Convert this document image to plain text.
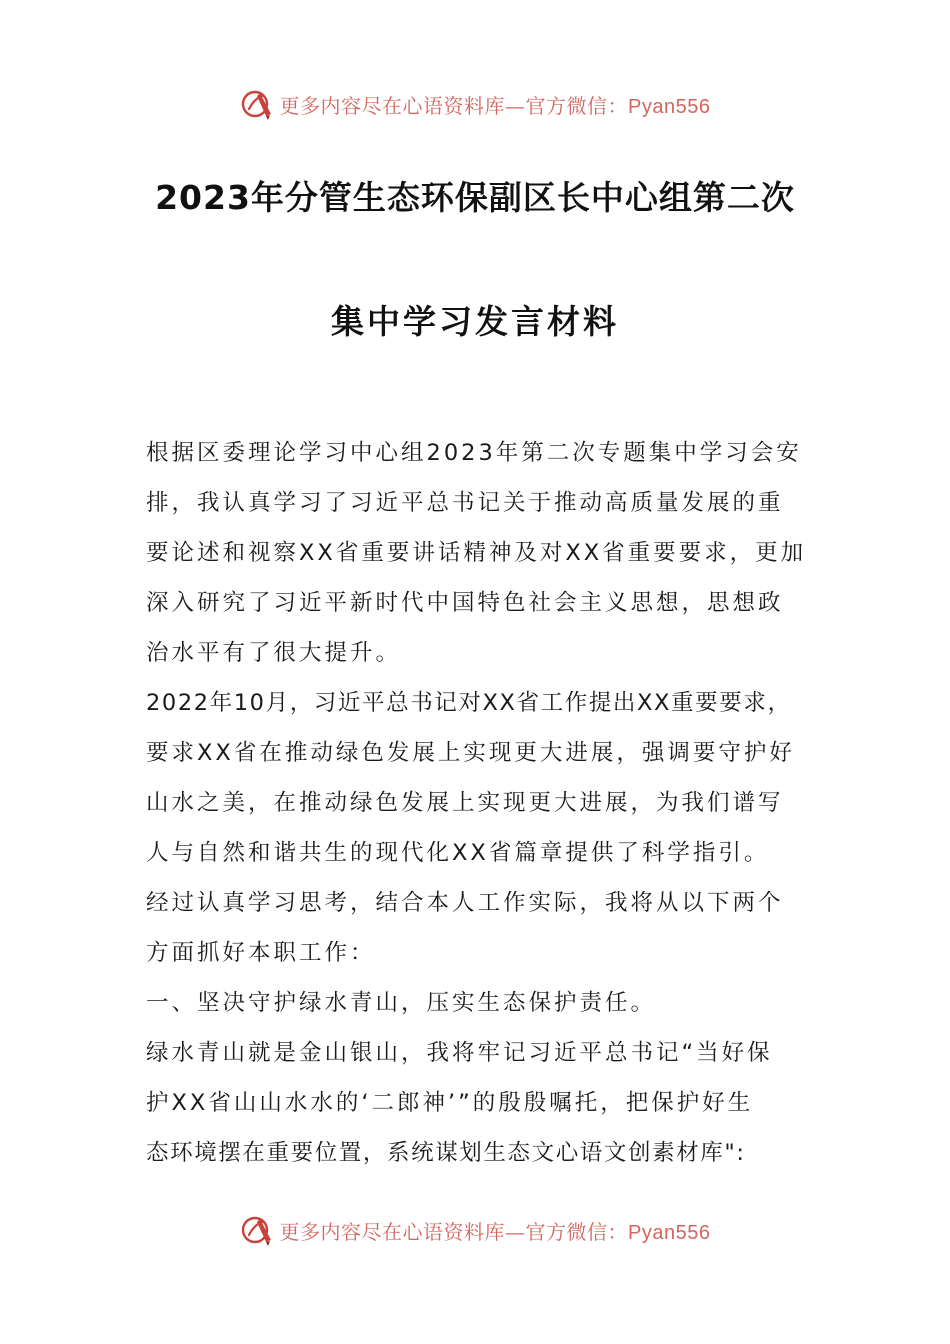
更多内容尽在心语资料库—官方微信：Pyan556
2023年分管生态环保副区长中心组第二次
集中学习发言材料
根据区委理论学习中心组2023年第二次专题集中学习会安
排，我认真学习了习近平总书记关于推动高质量发展的重
要论述和视察XX省重要讲话精神及对XX省重要要求，更加
深入研究了习近平新时代中国特色社会主义思想，思想政
治水平有了很大提升。
2022年10月，习近平总书记对XX省工作提出XX重要要求，
要求XX省在推动绿色发展上实现更大进展，强调要守护好
山水之美，在推动绿色发展上实现更大进展，为我们谱写
人与自然和谐共生的现代化XX省篇章提供了科学指引。
经过认真学习思考，结合本人工作实际，我将从以下两个
方面抓好本职工作：
一、坚决守护绿水青山，压实生态保护责任。
绿水青山就是金山银山，我将牢记习近平总书记“当好保
护XX省山山水水的‘二郎神’”的殷殷嘱托，把保护好生
态环境摆在重要位置，系统谋划生态文心语文创素材库":
更多内容尽在心语资料库—官方微信：Pyan556
